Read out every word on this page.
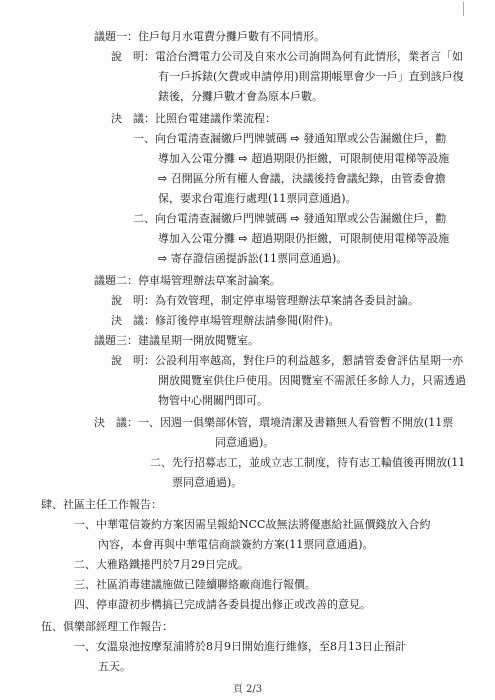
議題一：住戶每月水電費分攤戶數有不同情形。
說　明：電洽台灣電力公司及自來水公司詢問為何有此情形，業者言「如
有一戶拆錶(欠費或申請停用)則當期帳單會少一戶」直到該戶復
錶後，分攤戶數才會為原本戶數。
決　議：比照台電建議作業流程：
一、向台電清查漏繳戶門牌號碼 ⇨ 發通知單或公告漏繳住戶，勸
導加入公電分攤 ⇨ 超過期限仍拒繳，可限制使用電梯等設施
⇨ 召開區分所有權人會議，決議後持會議紀錄，由管委會擔
保，要求台電進行處理(11票同意通過)。
二、向台電清查漏繳戶門牌號碼 ⇨ 發通知單或公告漏繳住戶，勸
導加入公電分攤 ⇨ 超過期限仍拒繳，可限制使用電梯等設施
⇨ 寄存證信函提訴訟(11票同意通過)。
議題二：停車場管理辦法草案討論案。
說　明：為有效管理，制定停車場管理辦法草案請各委員討論。
決　議：修訂後停車場管理辦法請參閱(附件)。
議題三：建議星期一開放閱覽室。
說　明：公設利用率越高，對住戶的利益越多，懇請管委會評估星期一亦
開放閱覽室供住戶使用。因閱覽室不需派任多餘人力，只需透過
物管中心開關門即可。
決　議：一、因週一俱樂部休管，環境清潔及書籍無人看管暫不開放(11票
同意通過)。
二、先行招募志工，並成立志工制度，待有志工輪值後再開放(11
票同意通過)。
肆、社區主任工作報告：
一、中華電信簽約方案因需呈報給NCC故無法將優惠給社區價錢放入合約
內容，本會再與中華電信商談簽約方案(11票同意通過)。
二、大雅路鐵捲門於7月29日完成。
三、社區消毒建議施做已陸續聯絡廠商進行報價。
頁 2/3
四、停車證初步構搞已完成請各委員提出修正或改善的意見。
伍、俱樂部經理工作報告：
一、女溫泉池按摩泵浦將於8月9日開始進行維修，至8月13日止預計
五天。
